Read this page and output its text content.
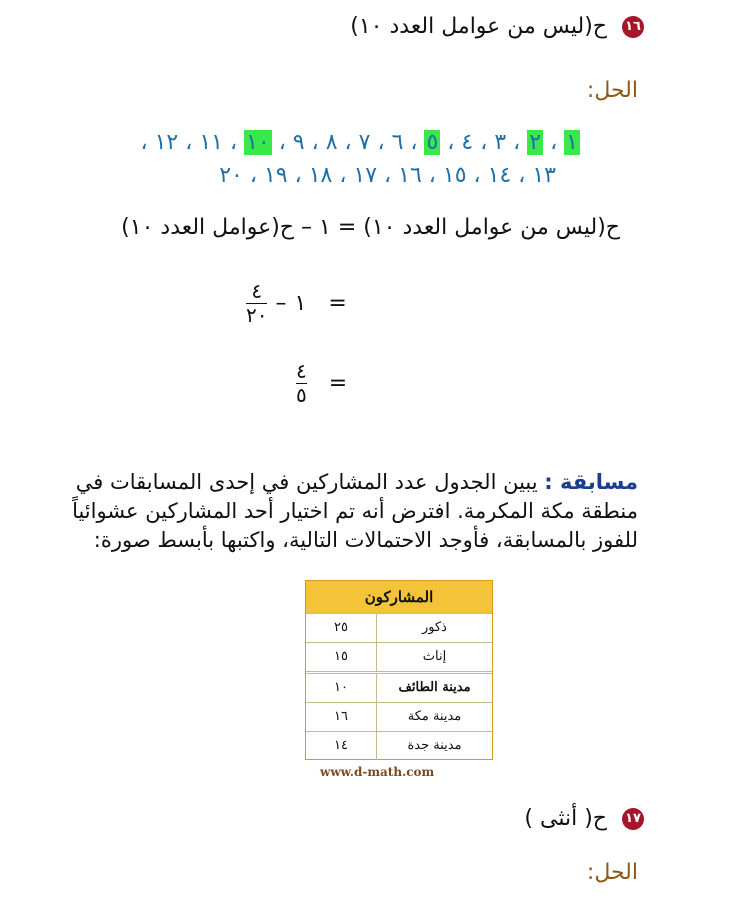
١٦ ح(ليس من عوامل العدد ١٠)
الحل:
١ ، ٢ ، ٣ ، ٤ ، ٥ ، ٦ ، ٧ ، ٨ ، ٩ ، ١٠ ، ١١ ، ١٢ ،
١٣ ، ١٤ ، ١٥ ، ١٦ ، ١٧ ، ١٨ ، ١٩ ، ٢٠
ح(ليس من عوامل العدد ١٠) = ١ – ح(عوامل العدد ١٠)
$\frac{٤}{٢٠}$ – ١ =
$\frac{٤}{٥}$ =
مسابقة : يبين الجدول عدد المشاركين في إحدى المسابقات في منطقة مكة المكرمة. افترض أنه تم اختيار أحد المشاركين عشوائياً للفوز بالمسابقة، فأوجد الاحتمالات التالية، واكتبها بأبسط صورة:
المشاركون
ذكور
٢٥
إناث
١٥
مدينة الطائف
١٠
مدينة مكة
١٦
مدينة جدة
١٤
www.d-math.com
١٧ ح( أنثى )
الحل:
